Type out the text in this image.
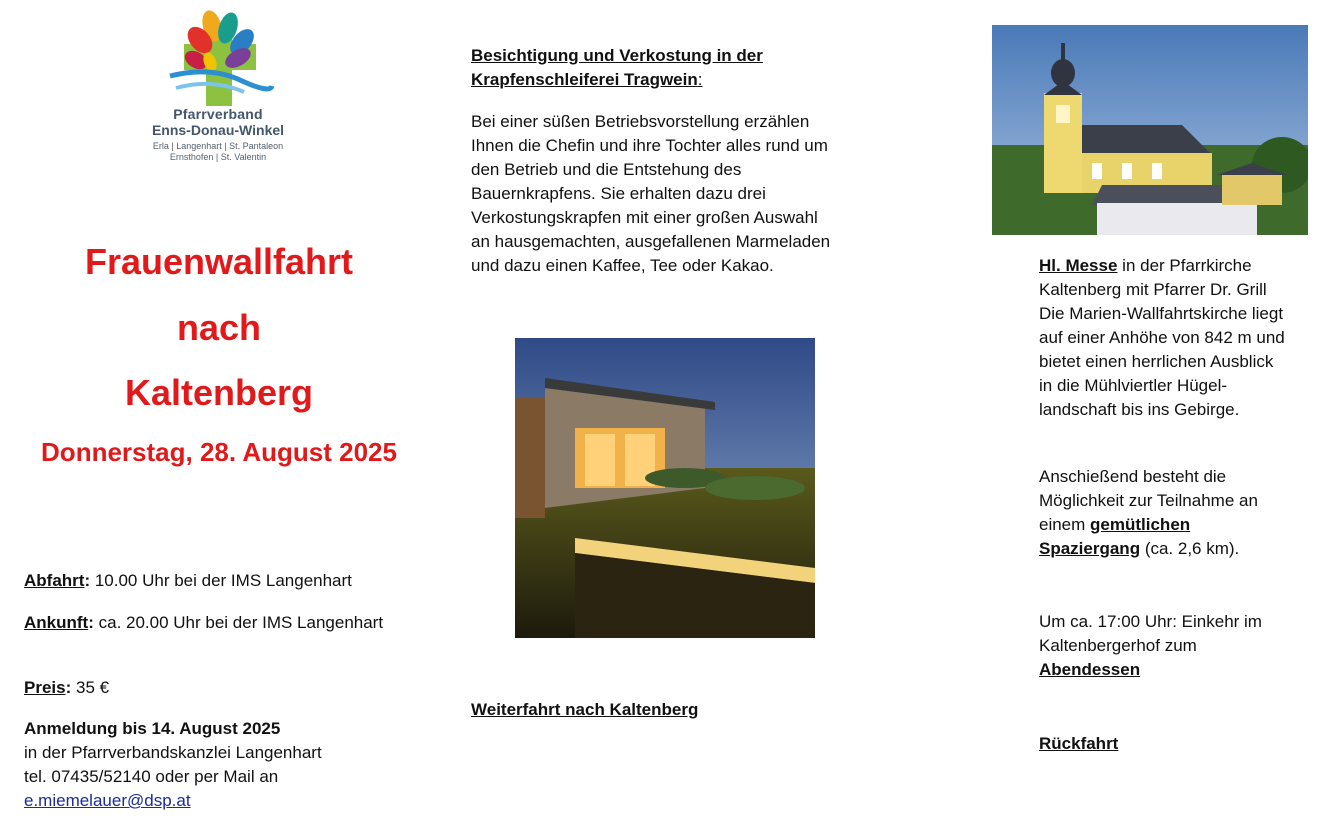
Pfarrverband
Enns-Donau-Winkel
Erla | Langenhart | St. Pantaleon
Ernsthofen | St. Valentin
Frauenwallfahrt
nach
Kaltenberg
Donnerstag, 28. August 2025
Abfahrt: 10.00 Uhr bei der IMS Langenhart
Ankunft: ca. 20.00 Uhr bei der IMS Langenhart
Preis: 35 €
Anmeldung bis 14. August 2025
in der Pfarrverbandskanzlei Langenhart
tel. 07435/52140 oder per Mail an
e.miemelauer@dsp.at
Besichtigung und Verkostung in der
Krapfenschleiferei Tragwein:
Bei einer süßen Betriebsvorstellung erzählen
Ihnen die Chefin und ihre Tochter alles rund um
den Betrieb und die Entstehung des
Bauernkrapfens. Sie erhalten dazu drei
Verkostungskrapfen mit einer großen Auswahl
an hausgemachten, ausgefallenen Marmeladen
und dazu einen Kaffee, Tee oder Kakao.
Weiterfahrt nach Kaltenberg
Hl. Messe in der Pfarrkirche
Kaltenberg mit Pfarrer Dr. Grill
Die Marien-Wallfahrtskirche liegt
auf einer Anhöhe von 842 m und
bietet einen herrlichen Ausblick
in die Mühlviertler Hügel-
landschaft bis ins Gebirge.
Anschießend besteht die
Möglichkeit zur Teilnahme an
einem gemütlichen
Spaziergang (ca. 2,6 km).
Um ca. 17:00 Uhr: Einkehr im
Kaltenbergerhof zum
Abendessen
Rückfahrt
